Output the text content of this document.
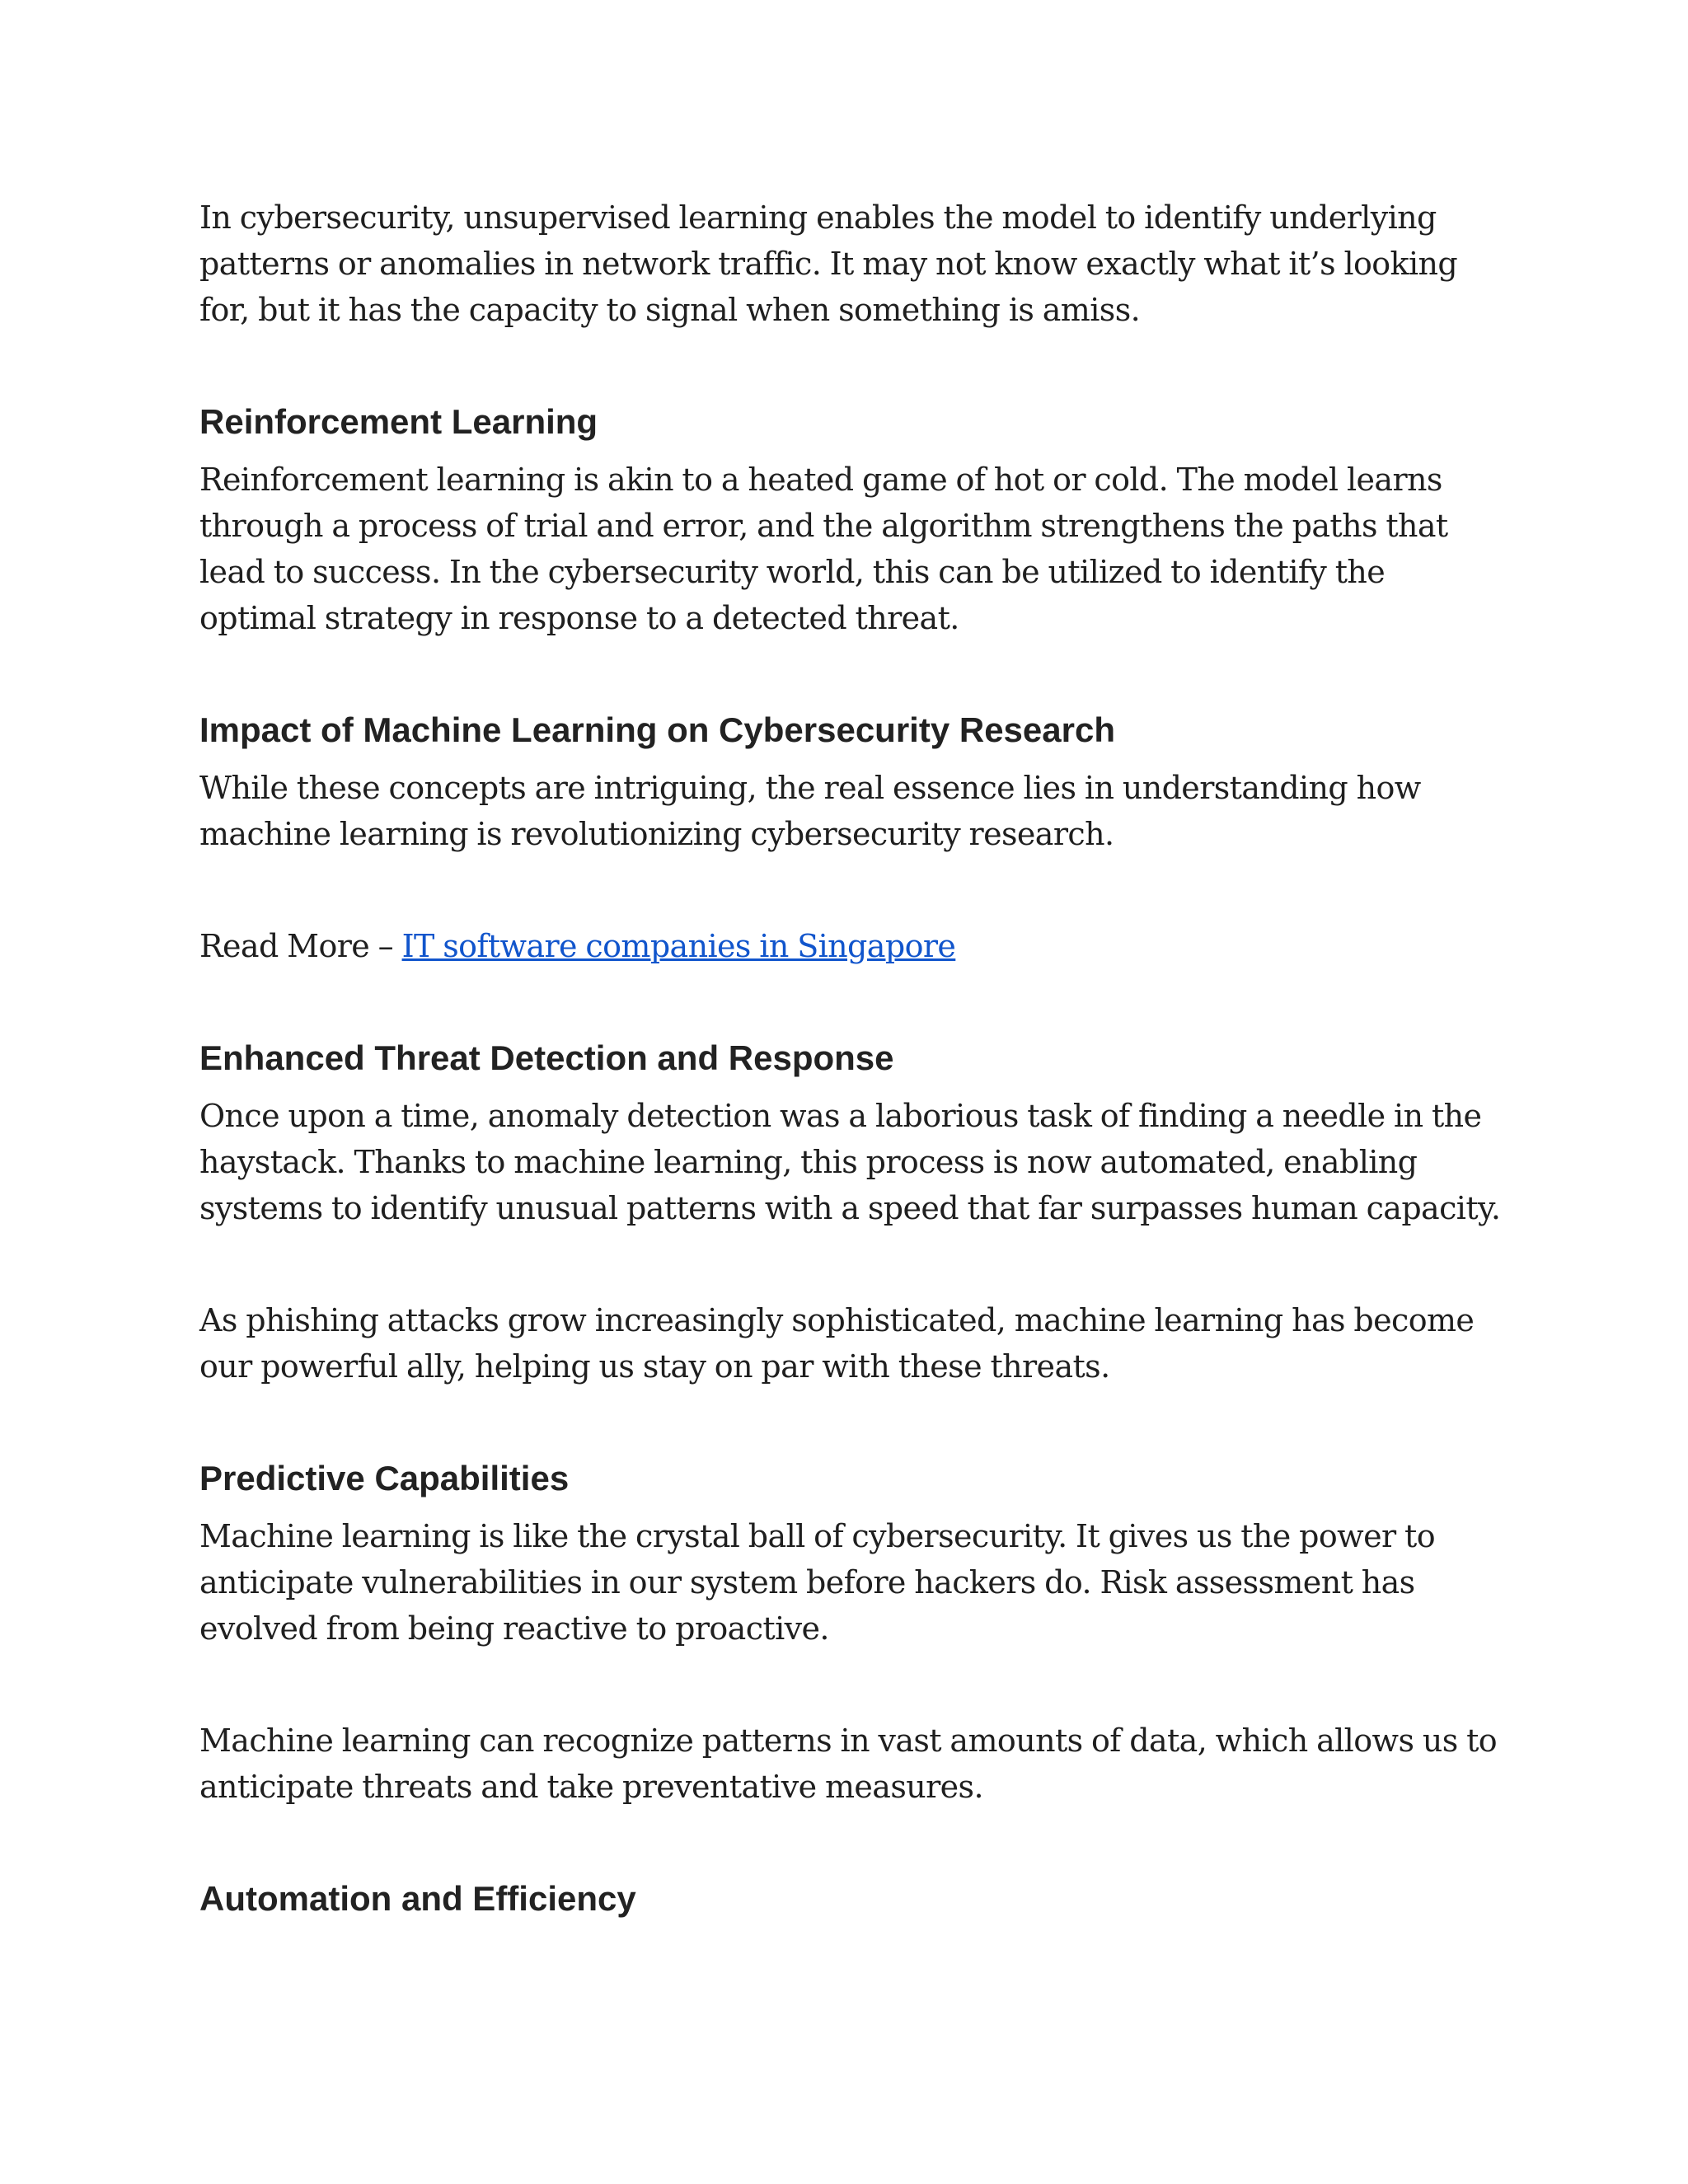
In cybersecurity, unsupervised learning enables the model to identify underlying patterns or anomalies in network traffic. It may not know exactly what it’s looking for, but it has the capacity to signal when something is amiss.

Reinforcement Learning

Reinforcement learning is akin to a heated game of hot or cold. The model learns through a process of trial and error, and the algorithm strengthens the paths that lead to success. In the cybersecurity world, this can be utilized to identify the optimal strategy in response to a detected threat.

Impact of Machine Learning on Cybersecurity Research

While these concepts are intriguing, the real essence lies in understanding how machine learning is revolutionizing cybersecurity research.

Read More – IT software companies in Singapore

Enhanced Threat Detection and Response

Once upon a time, anomaly detection was a laborious task of finding a needle in the haystack. Thanks to machine learning, this process is now automated, enabling systems to identify unusual patterns with a speed that far surpasses human capacity.

As phishing attacks grow increasingly sophisticated, machine learning has become our powerful ally, helping us stay on par with these threats.

Predictive Capabilities

Machine learning is like the crystal ball of cybersecurity. It gives us the power to anticipate vulnerabilities in our system before hackers do. Risk assessment has evolved from being reactive to proactive.

Machine learning can recognize patterns in vast amounts of data, which allows us to anticipate threats and take preventative measures.

Automation and Efficiency
